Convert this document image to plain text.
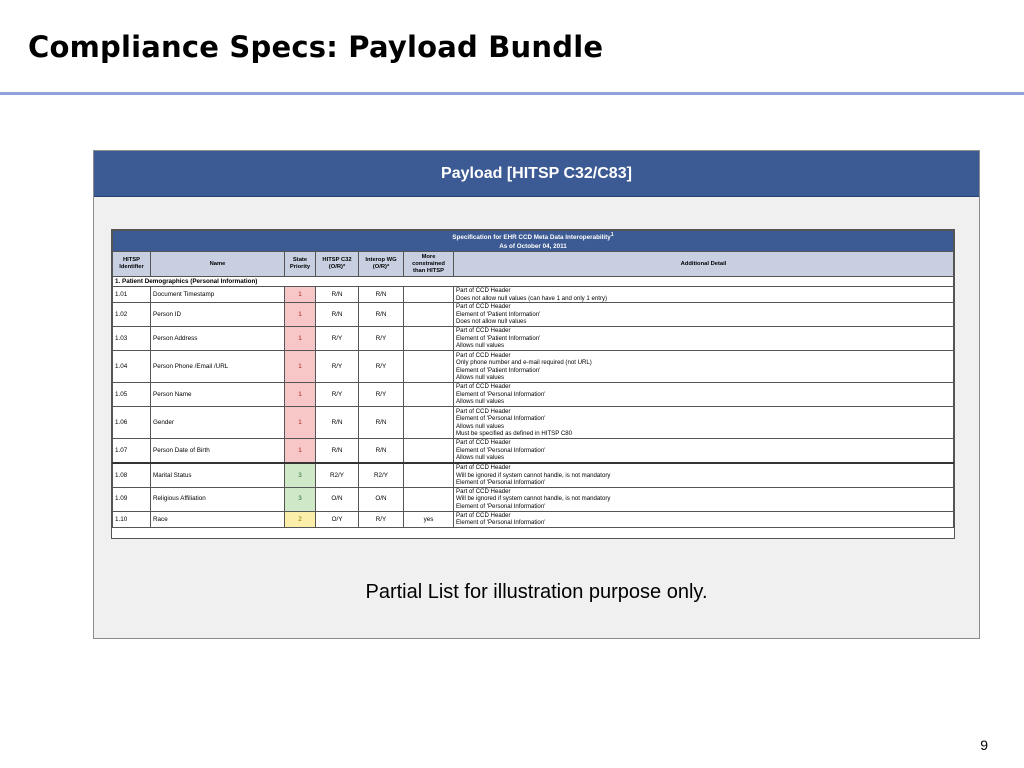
Compliance Specs: Payload Bundle
Payload [HITSP C32/C83]
Specification for EHR CCD Meta Data Interoperability$^1$
As of October 04, 2011						
HITSP Identifier	Name	State Priority	HITSP C32 (O/R)*	Interop WG (O/R)*	More constrained than HITSP	Additional Detail
1. Patient Demographics (Personal Information)						
1.01	Document Timestamp	1	R/N	R/N		Part of CCD Header
Does not allow null values (can have 1 and only 1 entry)

1.02	Person ID	1	R/N	R/N		Part of CCD Header
Element of 'Patient Information'
Does not allow null values

1.03	Person Address	1	R/Y	R/Y		Part of CCD Header
Element of 'Patient Information'
Allows null values

1.04	Person Phone /Email /URL	1	R/Y	R/Y		Part of CCD Header
Only phone number and e-mail required (not URL)
Element of 'Patient Information'
Allows null values

1.05	Person Name	1	R/Y	R/Y		Part of CCD Header
Element of 'Personal Information'
Allows null values

1.06	Gender	1	R/N	R/N		Part of CCD Header
Element of 'Personal Information'
Allows null values
Must be specified as defined in HITSP C80

1.07	Person Date of Birth	1	R/N	R/N		Part of CCD Header
Element of 'Personal Information'
Allows null values

1.08	Marital Status	3	R2/Y	R2/Y		Part of CCD Header
Will be ignored if system cannot handle, is not mandatory
Element of 'Personal Information'

1.09	Religious Affiliation	3	O/N	O/N		Part of CCD Header
Will be ignored if system cannot handle, is not mandatory
Element of 'Personal Information'

1.10	Race	2	O/Y	R/Y	yes	Part of CCD Header
Element of 'Personal Information'
Partial List for illustration purpose only.
9
